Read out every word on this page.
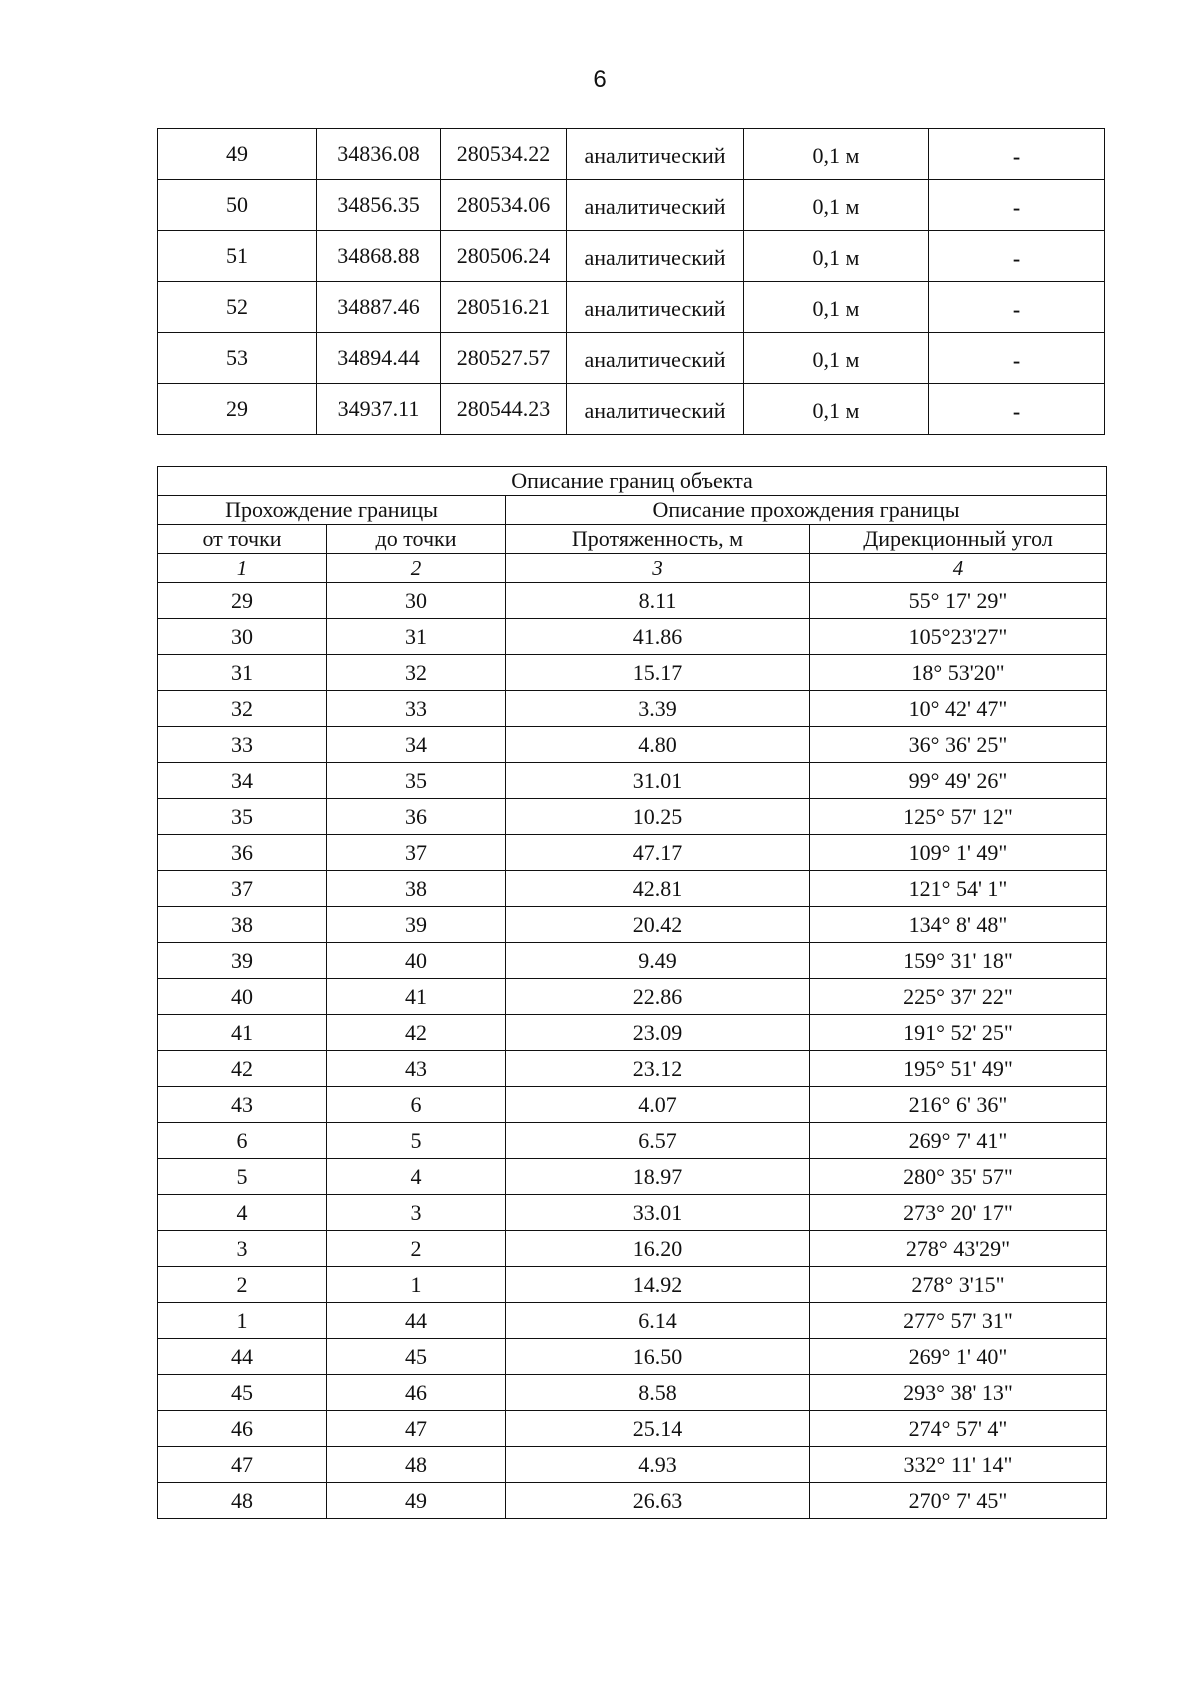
6
49	34836.08	280534.22	аналитический	0,1 м	-
50	34856.35	280534.06	аналитический	0,1 м	-
51	34868.88	280506.24	аналитический	0,1 м	-
52	34887.46	280516.21	аналитический	0,1 м	-
53	34894.44	280527.57	аналитический	0,1 м	-
29	34937.11	280544.23	аналитический	0,1 м	-
Описание границ объекта			
Прохождение границы		Описание прохождения границы	
от точки	до точки	Протяженность, м	Дирекционный угол
1	2	3	4
29	30	8.11	55° 17' 29"
30	31	41.86	105°23'27"
31	32	15.17	18° 53'20"
32	33	3.39	10° 42' 47"
33	34	4.80	36° 36' 25"
34	35	31.01	99° 49' 26"
35	36	10.25	125° 57' 12"
36	37	47.17	109° 1' 49"
37	38	42.81	121° 54' 1"
38	39	20.42	134° 8' 48"
39	40	9.49	159° 31' 18"
40	41	22.86	225° 37' 22"
41	42	23.09	191° 52' 25"
42	43	23.12	195° 51' 49"
43	6	4.07	216° 6' 36"
6	5	6.57	269° 7' 41"
5	4	18.97	280° 35' 57"
4	3	33.01	273° 20' 17"
3	2	16.20	278° 43'29"
2	1	14.92	278° 3'15"
1	44	6.14	277° 57' 31"
44	45	16.50	269° 1' 40"
45	46	8.58	293° 38' 13"
46	47	25.14	274° 57' 4"
47	48	4.93	332° 11' 14"
48	49	26.63	270° 7' 45"
